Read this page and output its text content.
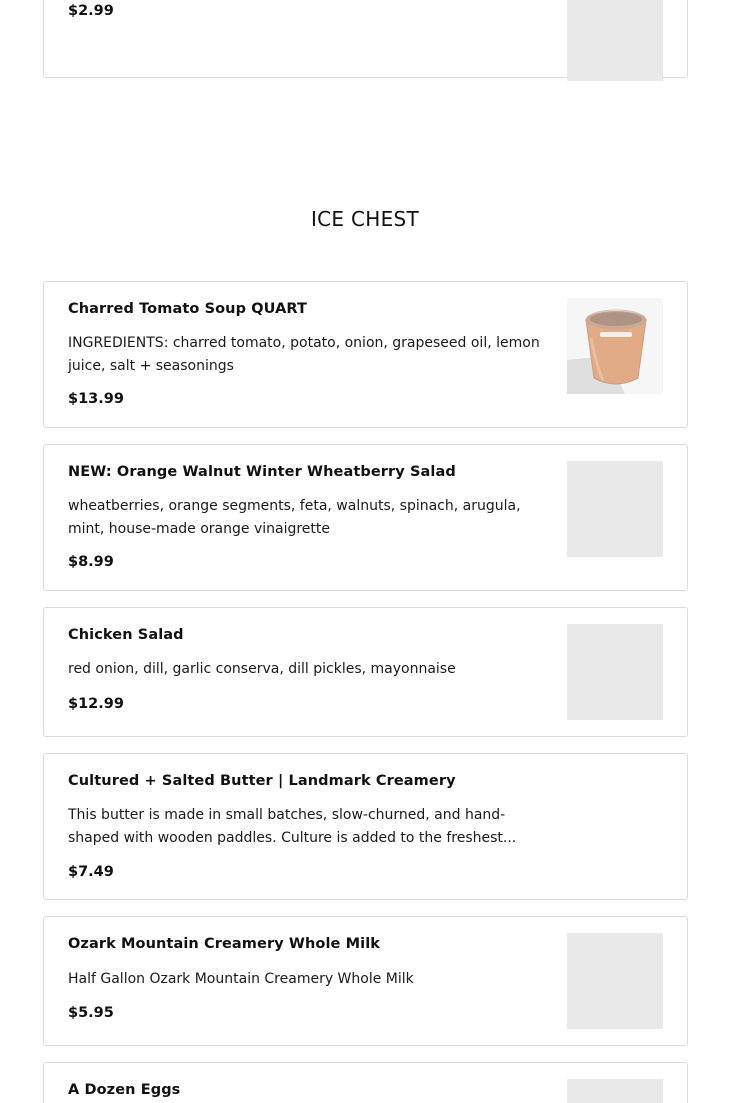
$2.99
ICE CHEST
Charred Tomato Soup QUART
INGREDIENTS: charred tomato, potato, onion, grapeseed oil, lemon juice, salt + seasonings
$13.99
NEW: Orange Walnut Winter Wheatberry Salad
wheatberries, orange segments, feta, walnuts, spinach, arugula, mint, house-made orange vinaigrette
$8.99
Chicken Salad
red onion, dill, garlic conserva, dill pickles, mayonnaise
$12.99
Cultured + Salted Butter | Landmark Creamery
This butter is made in small batches, slow-churned, and hand-shaped with wooden paddles. Culture is added to the freshest...
$7.49
Ozark Mountain Creamery Whole Milk
Half Gallon Ozark Mountain Creamery Whole Milk
$5.95
A Dozen Eggs
